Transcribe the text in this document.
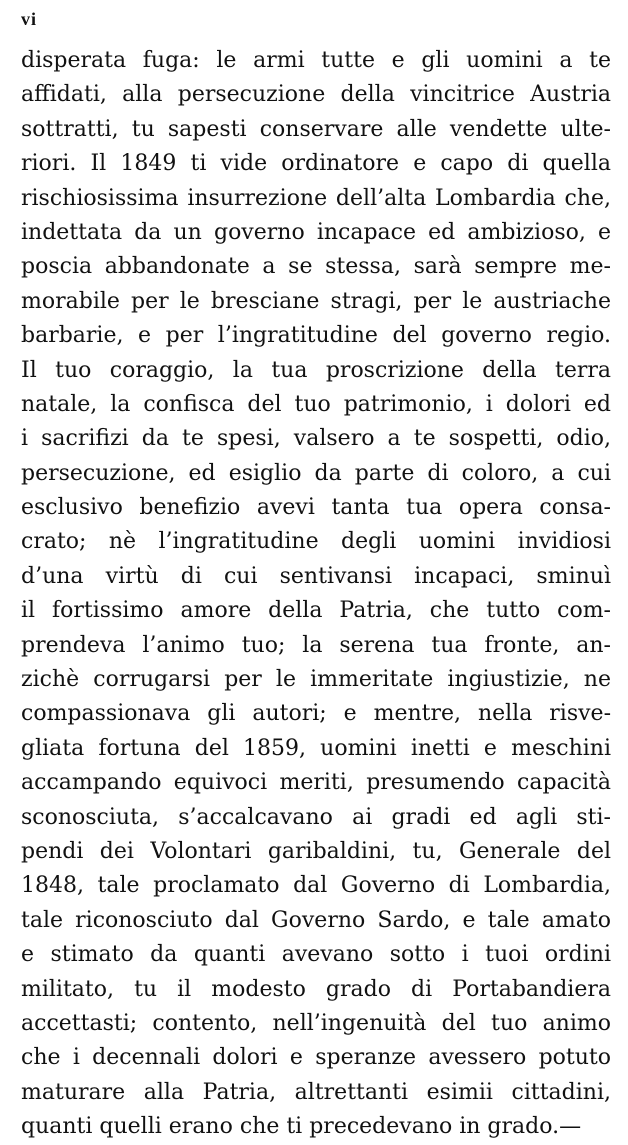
vi
disperata fuga: le armi tutte e gli uomini a te
affidati, alla persecuzione della vincitrice Austria
sottratti, tu sapesti conservare alle vendette ulte-
riori. Il 1849 ti vide ordinatore e capo di quella
rischiosissima insurrezione dell’alta Lombardia che,
indettata da un governo incapace ed ambizioso, e
poscia abbandonate a se stessa, sarà sempre me-
morabile per le bresciane stragi, per le austriache
barbarie, e per l’ingratitudine del governo regio.
Il tuo coraggio, la tua proscrizione della terra
natale, la confisca del tuo patrimonio, i dolori ed
i sacrifizi da te spesi, valsero a te sospetti, odio,
persecuzione, ed esiglio da parte di coloro, a cui
esclusivo benefizio avevi tanta tua opera consa-
crato; nè l’ingratitudine degli uomini invidiosi
d’una virtù di cui sentivansi incapaci, sminuì
il fortissimo amore della Patria, che tutto com-
prendeva l’animo tuo; la serena tua fronte, an-
zichè corrugarsi per le immeritate ingiustizie, ne
compassionava gli autori; e mentre, nella risve-
gliata fortuna del 1859, uomini inetti e meschini
accampando equivoci meriti, presumendo capacità
sconosciuta, s’accalcavano ai gradi ed agli sti-
pendi dei Volontari garibaldini, tu, Generale del
1848, tale proclamato dal Governo di Lombardia,
tale riconosciuto dal Governo Sardo, e tale amato
e stimato da quanti avevano sotto i tuoi ordini
militato, tu il modesto grado di Portabandiera
accettasti; contento, nell’ingenuità del tuo animo
che i decennali dolori e speranze avessero potuto
maturare alla Patria, altrettanti esimii cittadini,
quanti quelli erano che ti precedevano in grado.—
